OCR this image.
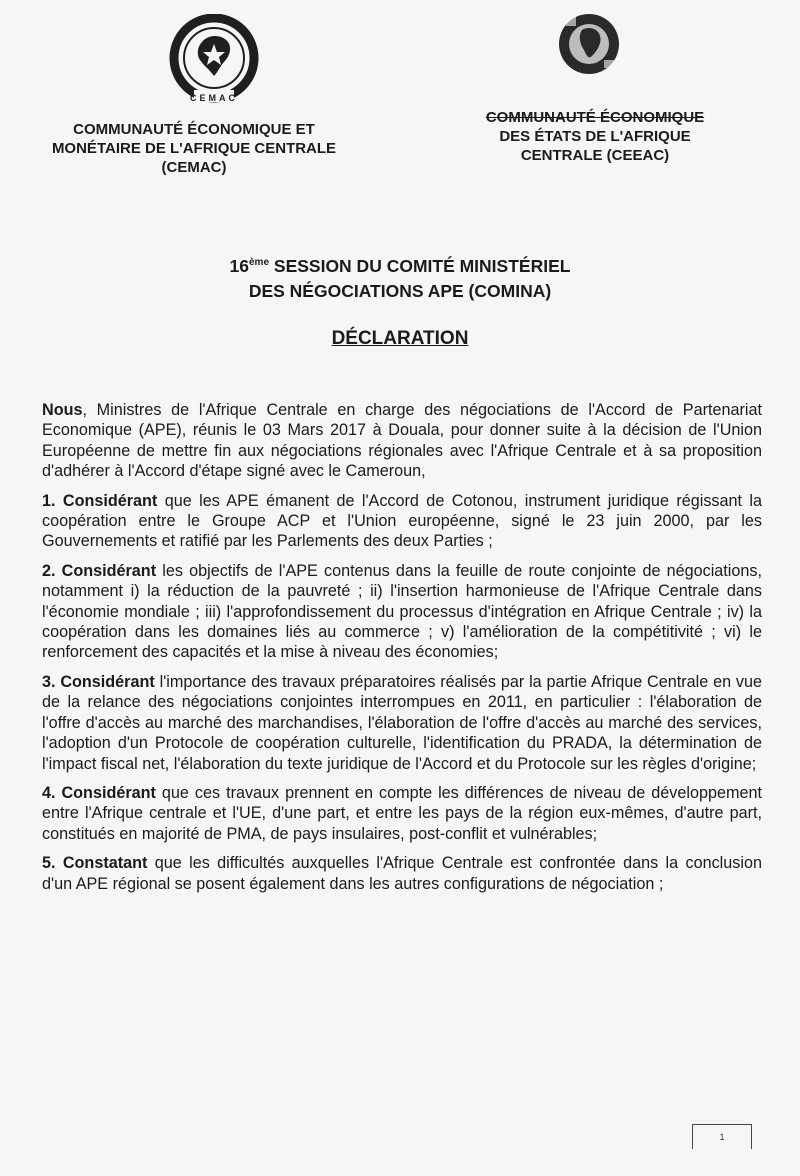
CEMAC
COMMUNAUTÉ ÉCONOMIQUE ET MONÉTAIRE DE L'AFRIQUE CENTRALE (CEMAC)
COMMUNAUTÉ ÉCONOMIQUE
DES ÉTATS DE L'AFRIQUE
CENTRALE (CEEAC)
16ème SESSION DU COMITÉ MINISTÉRIEL
DES NÉGOCIATIONS APE (COMINA)
DÉCLARATION

Nous, Ministres de l'Afrique Centrale en charge des négociations de l'Accord de Partenariat Economique (APE), réunis le 03 Mars 2017 à Douala, pour donner suite à la décision de l'Union Européenne de mettre fin aux négociations régionales avec l'Afrique Centrale et à sa proposition d'adhérer à l'Accord d'étape signé avec le Cameroun,

1. Considérant que les APE émanent de l'Accord de Cotonou, instrument juridique régissant la coopération entre le Groupe ACP et l'Union européenne, signé le 23 juin 2000, par les Gouvernements et ratifié par les Parlements des deux Parties ;

2. Considérant les objectifs de l'APE contenus dans la feuille de route conjointe de négociations, notamment i) la réduction de la pauvreté ; ii) l'insertion harmonieuse de l'Afrique Centrale dans l'économie mondiale ; iii) l'approfondissement du processus d'intégration en Afrique Centrale ; iv) la coopération dans les domaines liés au commerce ; v) l'amélioration de la compétitivité ; vi) le renforcement des capacités et la mise à niveau des économies;

3. Considérant l'importance des travaux préparatoires réalisés par la partie Afrique Centrale en vue de la relance des négociations conjointes interrompues en 2011, en particulier : l'élaboration de l'offre d'accès au marché des marchandises, l'élaboration de l'offre d'accès au marché des services, l'adoption d'un Protocole de coopération culturelle, l'identification du PRADA, la détermination de l'impact fiscal net, l'élaboration du texte juridique de l'Accord et du Protocole sur les règles d'origine;

4. Considérant que ces travaux prennent en compte les différences de niveau de développement entre l'Afrique centrale et l'UE, d'une part, et entre les pays de la région eux-mêmes, d'autre part, constitués en majorité de PMA, de pays insulaires, post-conflit et vulnérables;

5. Constatant que les difficultés auxquelles l'Afrique Centrale est confrontée dans la conclusion d'un APE régional se posent également dans les autres configurations de négociation ;

1
